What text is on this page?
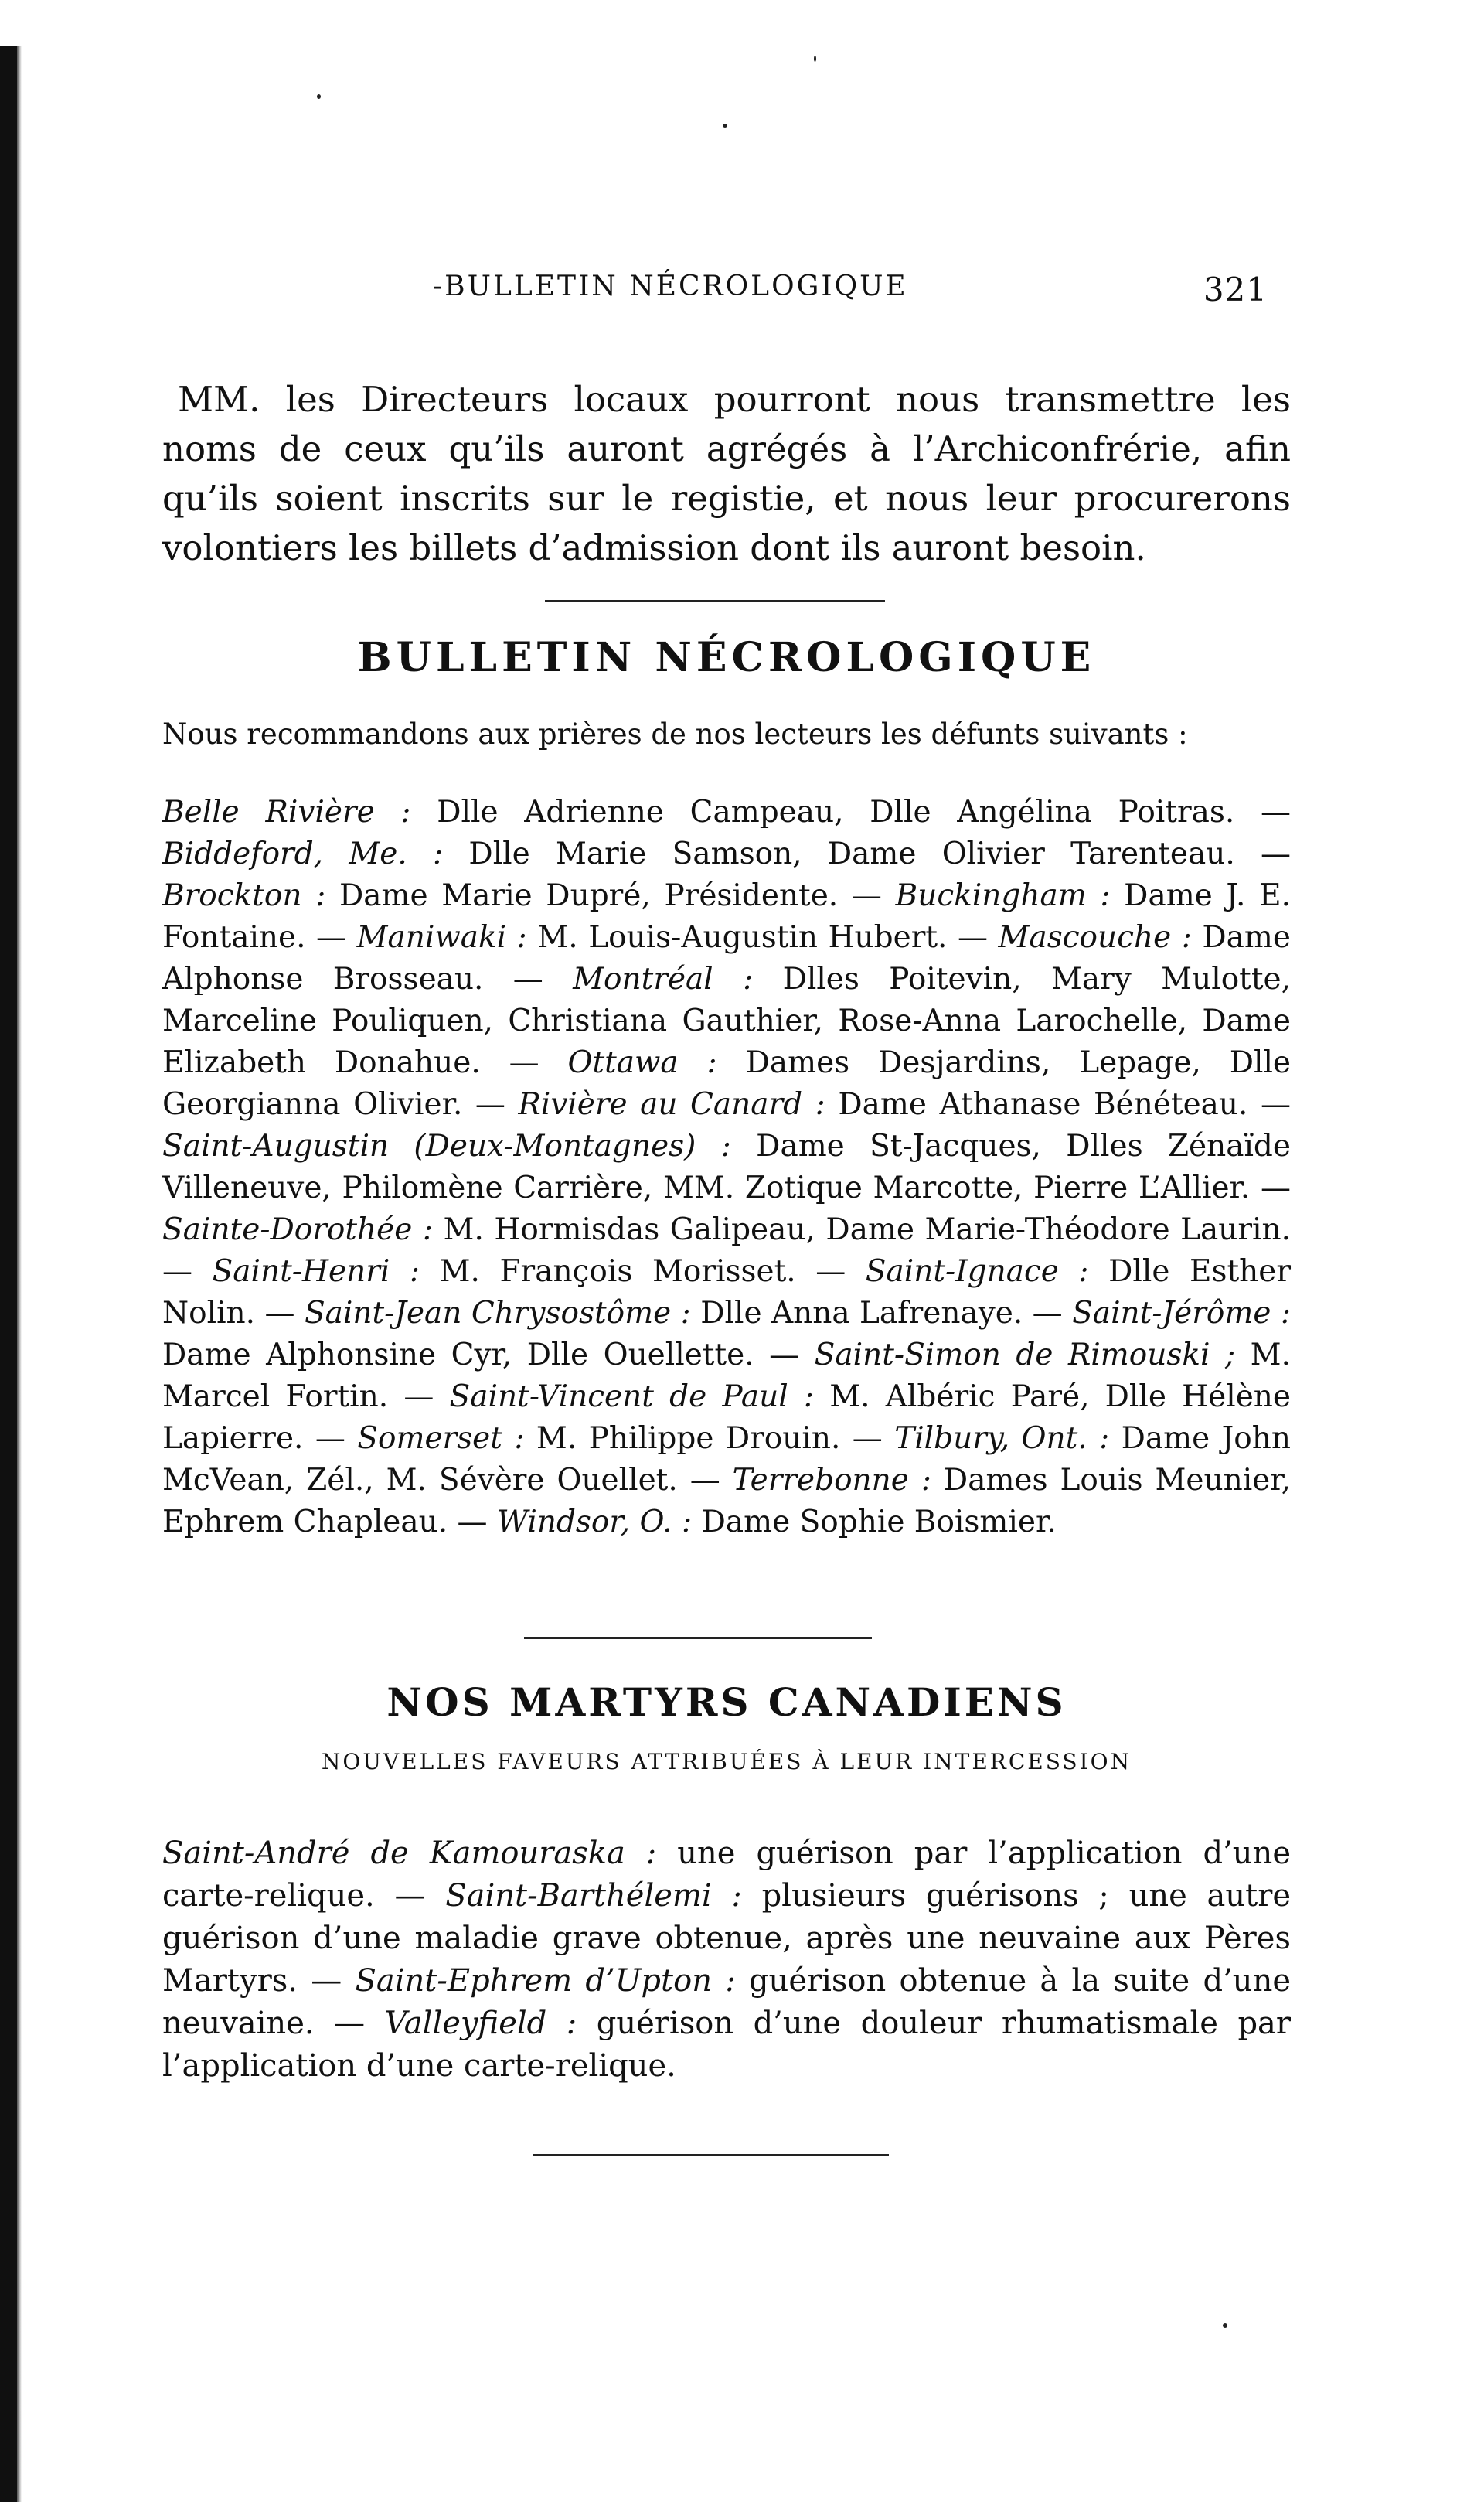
-BULLETIN NÉCROLOGIQUE	321

MM. les Directeurs locaux pourront nous transmettre les noms de ceux qu’ils auront agrégés à l’Archiconfrérie, afin qu’ils soient inscrits sur le registie, et nous leur procurerons volontiers les billets d’admission dont ils auront besoin.

BULLETIN NÉCROLOGIQUE
Nous recommandons aux prières de nos lecteurs les défunts suivants :

Belle Rivière : Dlle Adrienne Campeau, Dlle Angélina Poitras. — Biddeford, Me. : Dlle Marie Samson, Dame Olivier Tarenteau. — Brockton : Dame Marie Dupré, Présidente. — Buckingham : Dame J. E. Fontaine. — Maniwaki : M. Louis-Augustin Hubert. — Mascouche : Dame Alphonse Brosseau. — Montréal : Dlles Poitevin, Mary Mulotte, Marceline Pouliquen, Christiana Gauthier, Rose-Anna Larochelle, Dame Elizabeth Donahue. — Ottawa : Dames Desjardins, Lepage, Dlle Georgianna Olivier. — Rivière au Canard : Dame Athanase Bénéteau. — Saint-Augustin (Deux-Montagnes) : Dame St-Jacques, Dlles Zénaïde Villeneuve, Philomène Carrière, MM. Zotique Marcotte, Pierre L’Allier. — Sainte-Dorothée : M. Hormisdas Galipeau, Dame Marie-Théodore Laurin. — Saint-Henri : M. François Morisset. — Saint-Ignace : Dlle Esther Nolin. — Saint-Jean Chrysostôme : Dlle Anna Lafrenaye. — Saint-Jérôme : Dame Alphonsine Cyr, Dlle Ouellette. — Saint-Simon de Rimouski ; M. Marcel Fortin. — Saint-Vincent de Paul : M. Albéric Paré, Dlle Hélène Lapierre. — Somerset : M. Philippe Drouin. — Tilbury, Ont. : Dame John McVean, Zél., M. Sévère Ouellet. — Terrebonne : Dames Louis Meunier, Ephrem Chapleau. — Windsor, O. : Dame Sophie Boismier.

NOS MARTYRS CANADIENS
NOUVELLES FAVEURS ATTRIBUÉES À LEUR INTERCESSION

Saint-André de Kamouraska : une guérison par l’application d’une carte-relique. — Saint-Barthélemi : plusieurs guérisons ; une autre guérison d’une maladie grave obtenue, après une neuvaine aux Pères Martyrs. — Saint-Ephrem d’Upton : guérison obtenue à la suite d’une neuvaine. — Valleyfield : guérison d’une douleur rhumatismale par l’application d’une carte-relique.
